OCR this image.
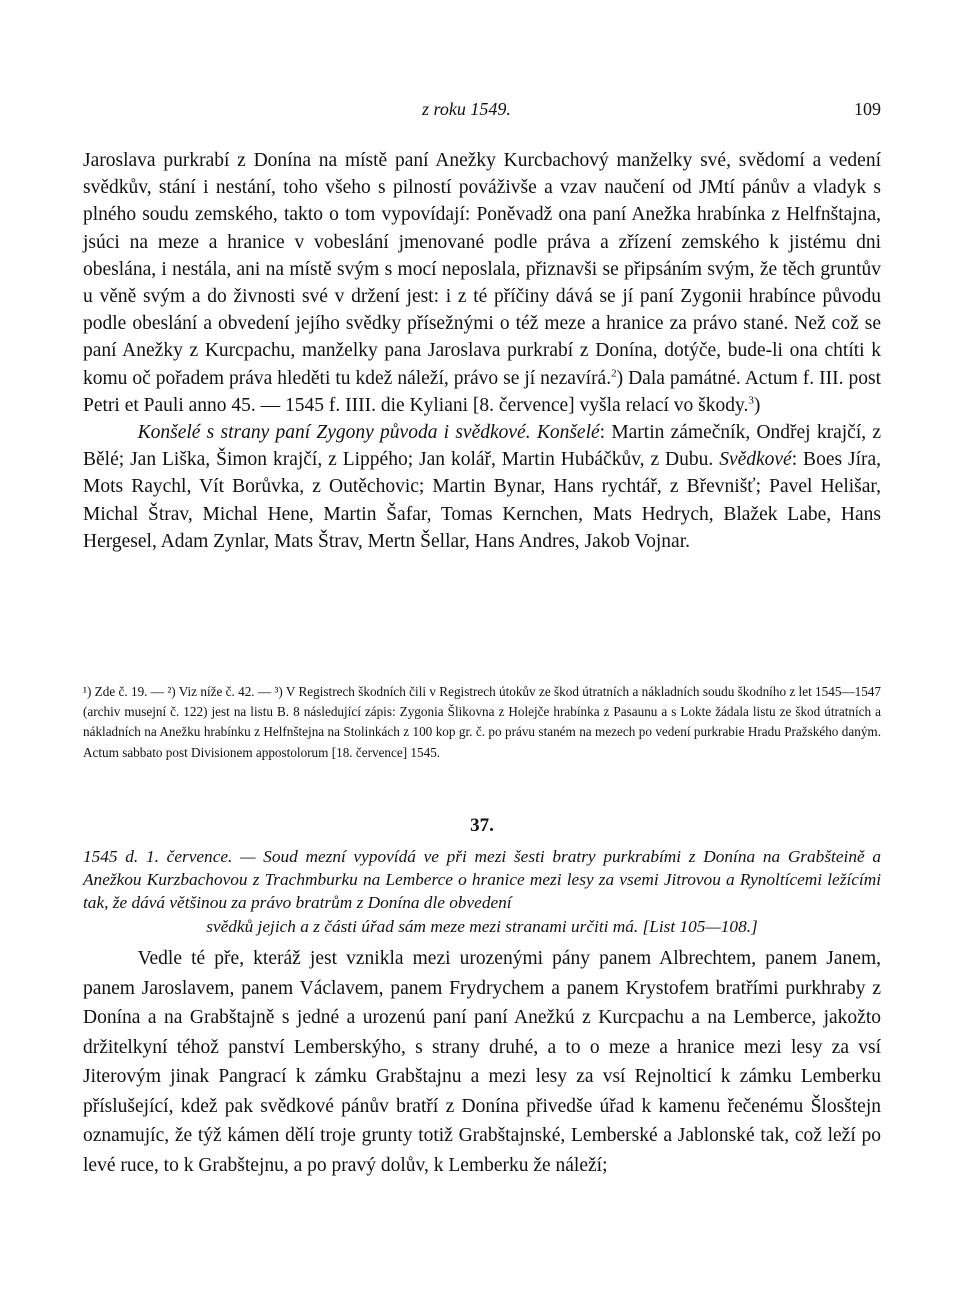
z roku 1549.	109

Jaroslava purkrabí z Donína na místě paní Anežky Kurcbachový manželky své, svědomí a vedení svědkův, stání i nestání, toho všeho s pilností pováživše a vzav naučení od JMtí pánův a vladyk s plného soudu zemského, takto o tom vypovídají: Poněvadž ona paní Anežka hrabínka z Helfnštajna, jsúci na meze a hranice v vobeslání jmenované podle práva a zřízení zemského k jistému dni obeslána, i nestála, ani na místě svým s mocí neposlala, přiznavši se připsáním svým, že těch gruntův u věně svým a do živnosti své v držení jest: i z té příčiny dává se jí paní Zygonii hrabínce původu podle obeslání a obvedení jejího svědky přísežnými o též meze a hranice za právo stané. Než což se paní Anežky z Kurcpachu, manželky pana Jaroslava purkrabí z Donína, dotýče, bude-li ona chtíti k komu oč pořadem práva hleděti tu kdež náleží, právo se jí nezavírá.$^2$) Dala památné. Actum f. III. post Petri et Pauli anno 45. — 1545 f. IIII. die Kyliani [8. července] vyšla relací vo škody.$^3$)

Konšelé s strany paní Zygony původa i svědkové. Konšelé: Martin zámečník, Ondřej krajčí, z Bělé; Jan Liška, Šimon krajčí, z Lippého; Jan kolář, Martin Hubáčkův, z Dubu. Svědkové: Boes Jíra, Mots Raychl, Vít Borůvka, z Outěchovic; Martin Bynar, Hans rychtář, z Břevnišť; Pavel Helišar, Michal Štrav, Michal Hene, Martin Šafar, Tomas Kernchen, Mats Hedrych, Blažek Labe, Hans Hergesel, Adam Zynlar, Mats Štrav, Mertn Šellar, Hans Andres, Jakob Vojnar.

¹) Zde č. 19. — ²) Viz níže č. 42. — ³) V Registrech škodních čili v Registrech útokův ze škod útratních a nákladních soudu škodního z let 1545—1547 (archiv musejní č. 122) jest na listu B. 8 následující zápis: Zygonia Šlikovna z Holejče hrabínka z Pasaunu a s Lokte žádala listu ze škod útratních a nákladních na Anežku hrabínku z Helfnštejna na Stolinkách z 100 kop gr. č. po právu staném na mezech po vedení purkrabie Hradu Pražského daným. Actum sabbato post Divisionem appostolorum [18. července] 1545.

37.
1545 d. 1. července. — Soud mezní vypovídá ve při mezi šesti bratry purkrabími z Donína na Grabšteině a Anežkou Kurzbachovou z Trachmburku na Lemberce o hranice mezi lesy za vsemi Jitrovou a Rynoltícemi ležícími tak, že dává většinou za právo bratrům z Donína dle obvedení
svědků jejich a z části úřad sám meze mezi stranami určiti má. [List 105—108.]

Vedle té pře, kteráž jest vznikla mezi urozenými pány panem Albrechtem, panem Janem, panem Jaroslavem, panem Václavem, panem Frydrychem a panem Krystofem bratřími purkhraby z Donína a na Grabštajně s jedné a urozenú paní paní Anežkú z Kurcpachu a na Lemberce, jakožto držitelkyní téhož panství Lemberskýho, s strany druhé, a to o meze a hranice mezi lesy za vsí Jiterovým jinak Pangrací k zámku Grabštajnu a mezi lesy za vsí Rejnolticí k zámku Lemberku příslušející, kdež pak svědkové pánův bratří z Donína přivedše úřad k kamenu řečenému Šlosštejn oznamujíc, že týž kámen dělí troje grunty totiž Grabštajnské, Lemberské a Jablonské tak, což leží po levé ruce, to k Grabštejnu, a po pravý dolův, k Lemberku že náleží;
